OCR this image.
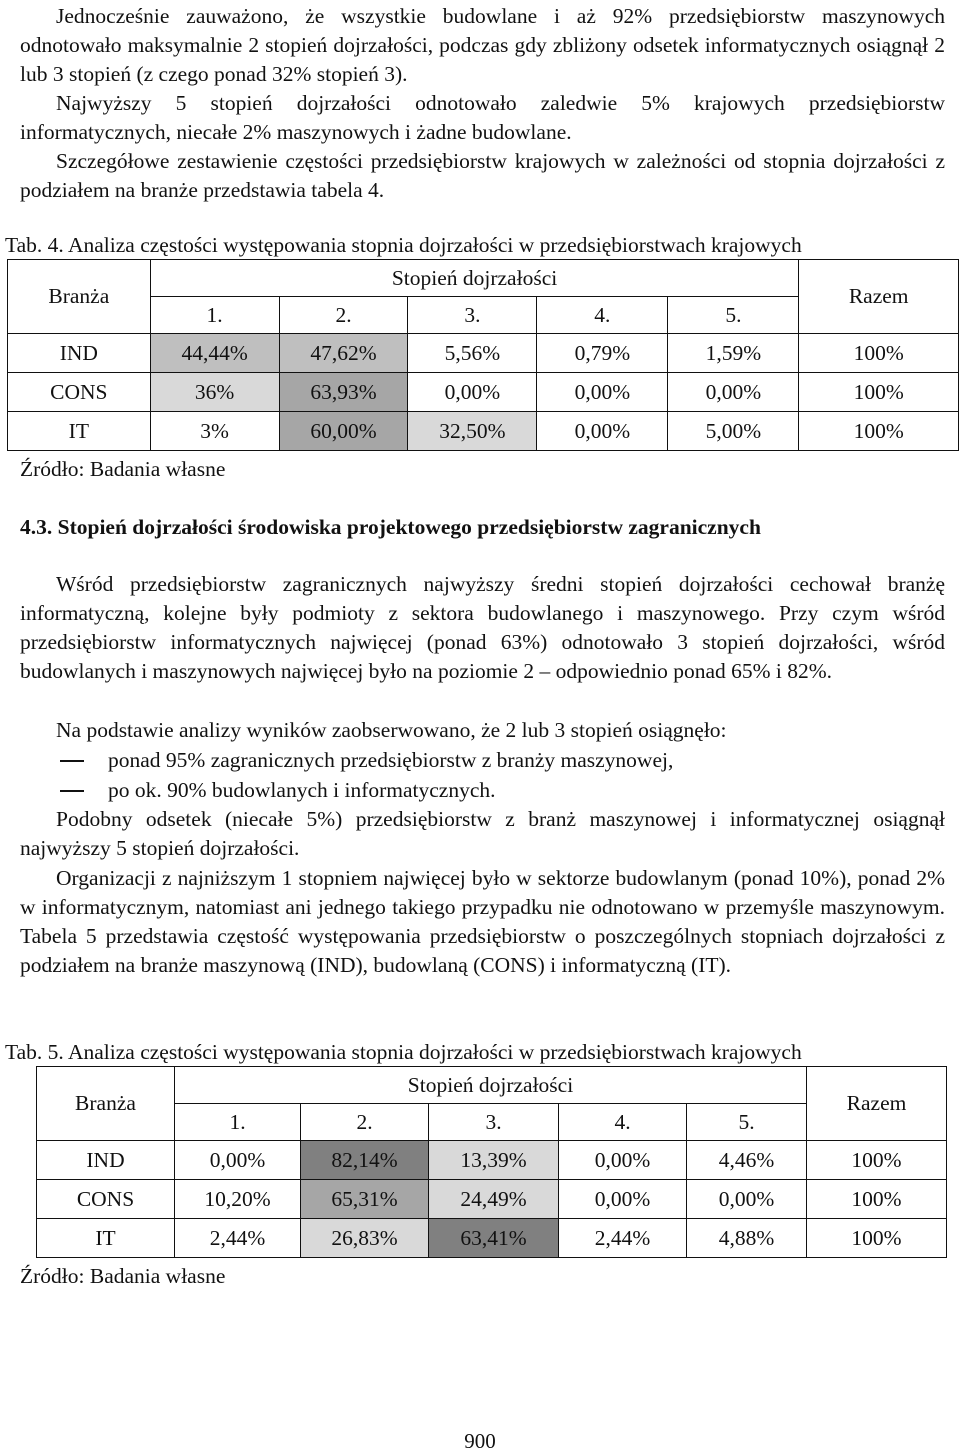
Jednocześnie zauważono, że wszystkie budowlane i aż 92% przedsiębiorstw maszynowych odnotowało maksymalnie 2 stopień dojrzałości, podczas gdy zbliżony odsetek informatycznych osiągnął 2 lub 3 stopień (z czego ponad 32% stopień 3).

Najwyższy 5 stopień dojrzałości odnotowało zaledwie 5% krajowych przedsiębiorstw informatycznych, niecałe 2% maszynowych i żadne budowlane.

Szczegółowe zestawienie częstości przedsiębiorstw krajowych w zależności od stopnia dojrzałości z podziałem na branże przedstawia tabela 4.

Tab. 4. Analiza częstości występowania stopnia dojrzałości w przedsiębiorstwach krajowych

Branża	Stopień dojrzałości					Razem
	1.	2.	3.	4.	5.	
IND	44,44%	47,62%	5,56%	0,79%	1,59%	100%
CONS	36%	63,93%	0,00%	0,00%	0,00%	100%
IT	3%	60,00%	32,50%	0,00%	5,00%	100%

Źródło: Badania własne

4.3. Stopień dojrzałości środowiska projektowego przedsiębiorstw zagranicznych

Wśród przedsiębiorstw zagranicznych najwyższy średni stopień dojrzałości cechował branżę informatyczną, kolejne były podmioty z sektora budowlanego i maszynowego. Przy czym wśród przedsiębiorstw informatycznych najwięcej (ponad 63%) odnotowało 3 stopień dojrzałości, wśród budowlanych i maszynowych najwięcej było na poziomie 2 – odpowiednio ponad 65% i 82%.

Na podstawie analizy wyników zaobserwowano, że 2 lub 3 stopień osiągnęło:

ponad 95% zagranicznych przedsiębiorstw z branży maszynowej,

po ok. 90% budowlanych i informatycznych.

Podobny odsetek (niecałe 5%) przedsiębiorstw z branż maszynowej i informatycznej osiągnął najwyższy 5 stopień dojrzałości.

Organizacji z najniższym 1 stopniem najwięcej było w sektorze budowlanym (ponad 10%), ponad 2% w informatycznym, natomiast ani jednego takiego przypadku nie odnotowano w przemyśle maszynowym. Tabela 5 przedstawia częstość występowania przedsiębiorstw o poszczególnych stopniach dojrzałości z podziałem na branże maszynową (IND), budowlaną (CONS) i informatyczną (IT).

Tab. 5. Analiza częstości występowania stopnia dojrzałości w przedsiębiorstwach krajowych

Branża	Stopień dojrzałości					Razem
	1.	2.	3.	4.	5.	
IND	0,00%	82,14%	13,39%	0,00%	4,46%	100%
CONS	10,20%	65,31%	24,49%	0,00%	0,00%	100%
IT	2,44%	26,83%	63,41%	2,44%	4,88%	100%

Źródło: Badania własne

900
